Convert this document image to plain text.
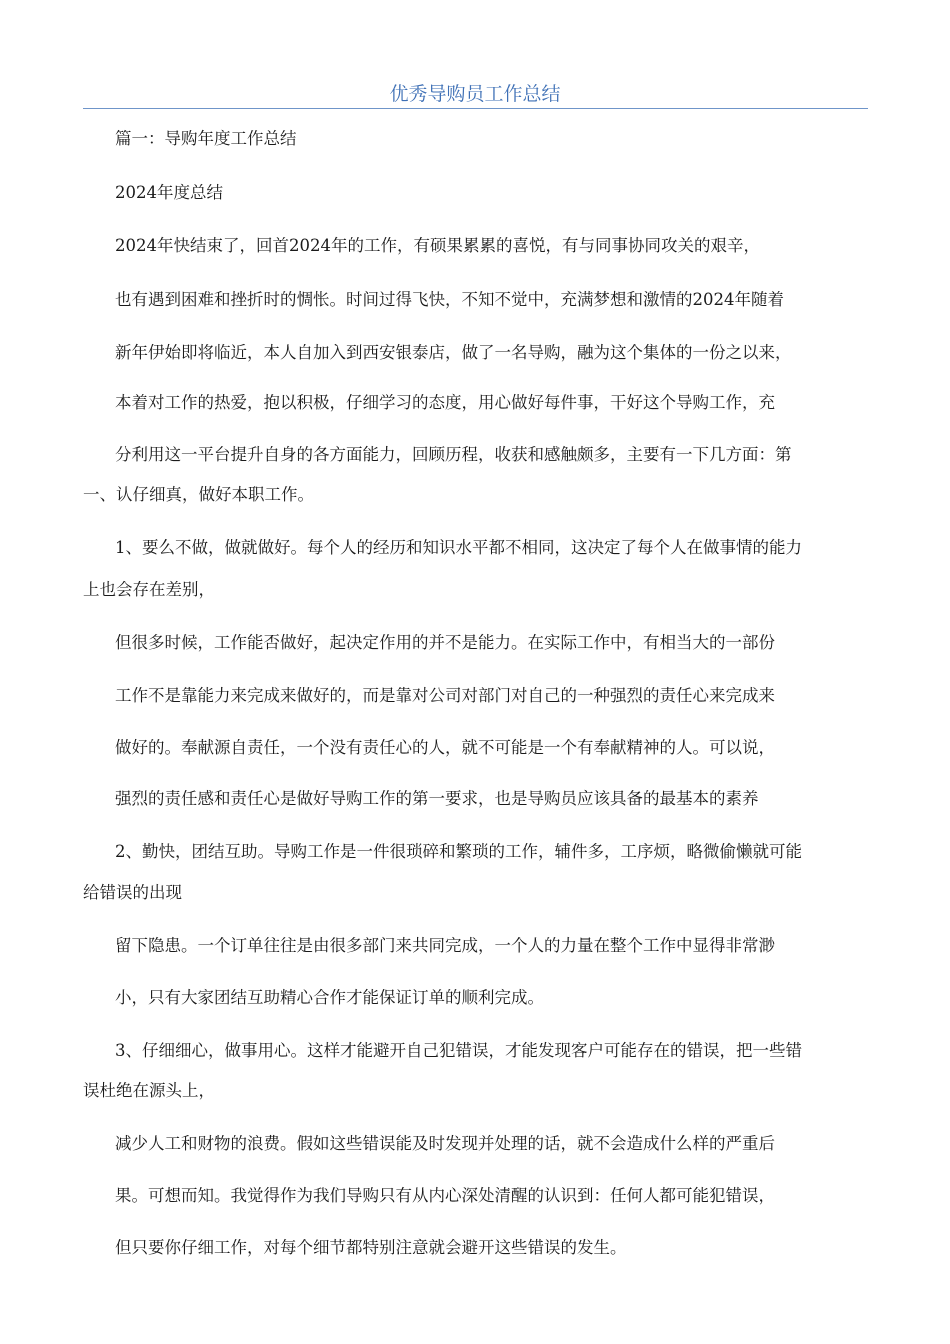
优秀导购员工作总结

篇一：导购年度工作总结

2024年度总结

2024年快结束了，回首2024年的工作，有硕果累累的喜悦，有与同事协同攻关的艰辛，

也有遇到困难和挫折时的惆怅。时间过得飞快，不知不觉中，充满梦想和激情的2024年随着

新年伊始即将临近，本人自加入到西安银泰店，做了一名导购，融为这个集体的一份之以来，

本着对工作的热爱，抱以积极，仔细学习的态度，用心做好每件事，干好这个导购工作，充

分利用这一平台提升自身的各方面能力，回顾历程，收获和感触颇多，主要有一下几方面：第

一、认仔细真，做好本职工作。

1、要么不做，做就做好。每个人的经历和知识水平都不相同，这决定了每个人在做事情的能力

上也会存在差别，

但很多时候，工作能否做好，起决定作用的并不是能力。在实际工作中，有相当大的一部份

工作不是靠能力来完成来做好的，而是靠对公司对部门对自己的一种强烈的责任心来完成来

做好的。奉献源自责任，一个没有责任心的人，就不可能是一个有奉献精神的人。可以说，

强烈的责任感和责任心是做好导购工作的第一要求，也是导购员应该具备的最基本的素养

2、勤快，团结互助。导购工作是一件很琐碎和繁琐的工作，辅件多，工序烦，略微偷懒就可能

给错误的出现

留下隐患。一个订单往往是由很多部门来共同完成，一个人的力量在整个工作中显得非常渺

小，只有大家团结互助精心合作才能保证订单的顺利完成。

3、仔细细心，做事用心。这样才能避开自己犯错误，才能发现客户可能存在的错误，把一些错

误杜绝在源头上，

减少人工和财物的浪费。假如这些错误能及时发现并处理的话，就不会造成什么样的严重后

果。可想而知。我觉得作为我们导购只有从内心深处清醒的认识到：任何人都可能犯错误，

但只要你仔细工作，对每个细节都特别注意就会避开这些错误的发生。
